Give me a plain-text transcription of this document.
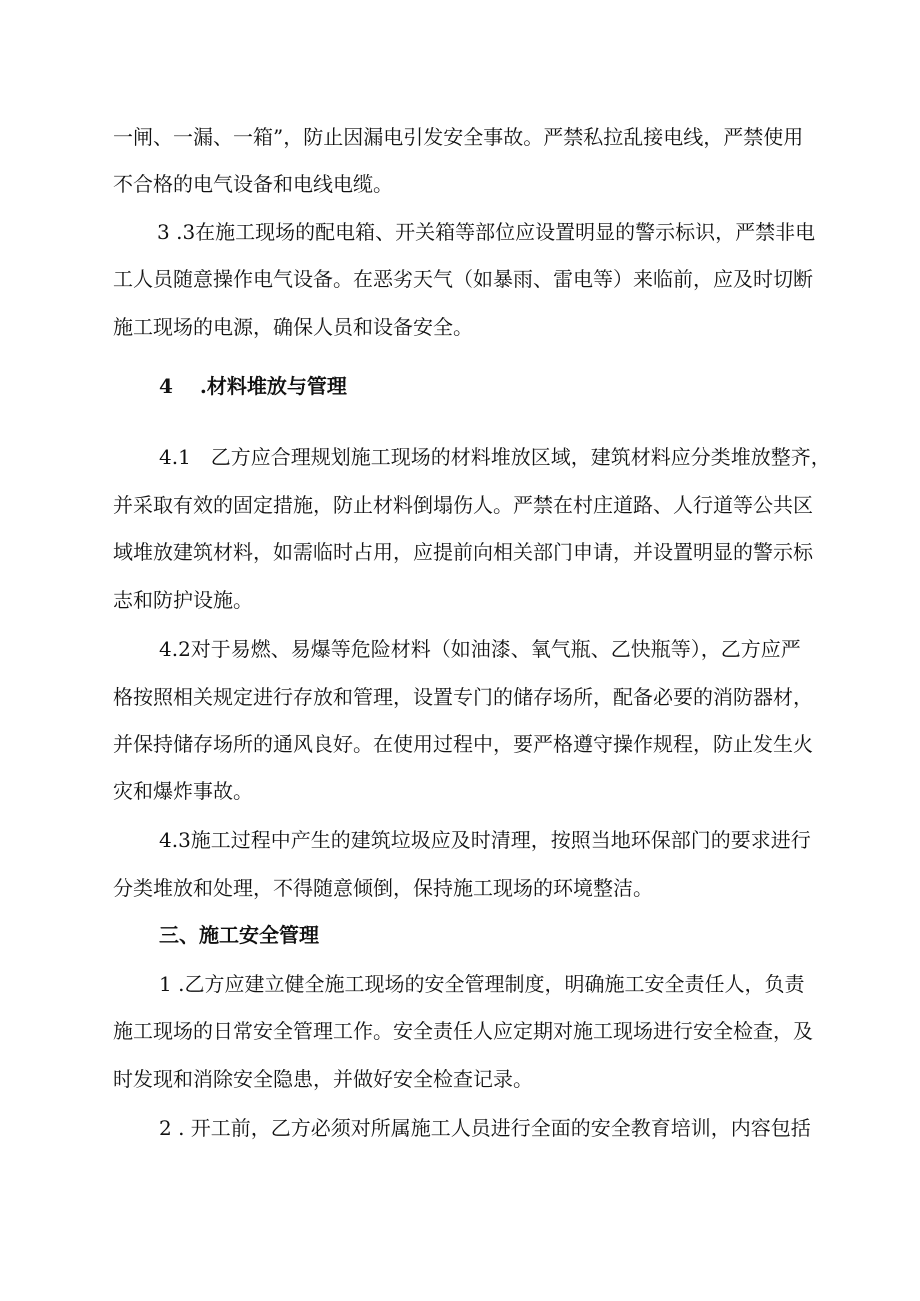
一闸、一漏、一箱”，防止因漏电引发安全事故。严禁私拉乱接电线，严禁使用
不合格的电气设备和电线电缆。
3 .3在施工现场的配电箱、开关箱等部位应设置明显的警示标识，严禁非电
工人员随意操作电气设备。在恶劣天气（如暴雨、雷电等）来临前，应及时切断
施工现场的电源，确保人员和设备安全。
4　 .材料堆放与管理
4.1　乙方应合理规划施工现场的材料堆放区域，建筑材料应分类堆放整齐，
并采取有效的固定措施，防止材料倒塌伤人。严禁在村庄道路、人行道等公共区
域堆放建筑材料，如需临时占用，应提前向相关部门申请，并设置明显的警示标
志和防护设施。
4.2对于易燃、易爆等危险材料（如油漆、氧气瓶、乙快瓶等），乙方应严
格按照相关规定进行存放和管理，设置专门的储存场所，配备必要的消防器材，
并保持储存场所的通风良好。在使用过程中，要严格遵守操作规程，防止发生火
灾和爆炸事故。
4.3施工过程中产生的建筑垃圾应及时清理，按照当地环保部门的要求进行
分类堆放和处理，不得随意倾倒，保持施工现场的环境整洁。
三、施工安全管理
1 .乙方应建立健全施工现场的安全管理制度，明确施工安全责任人，负责
施工现场的日常安全管理工作。安全责任人应定期对施工现场进行安全检查，及
时发现和消除安全隐患，并做好安全检查记录。
2 . 开工前，乙方必须对所属施工人员进行全面的安全教育培训，内容包括
